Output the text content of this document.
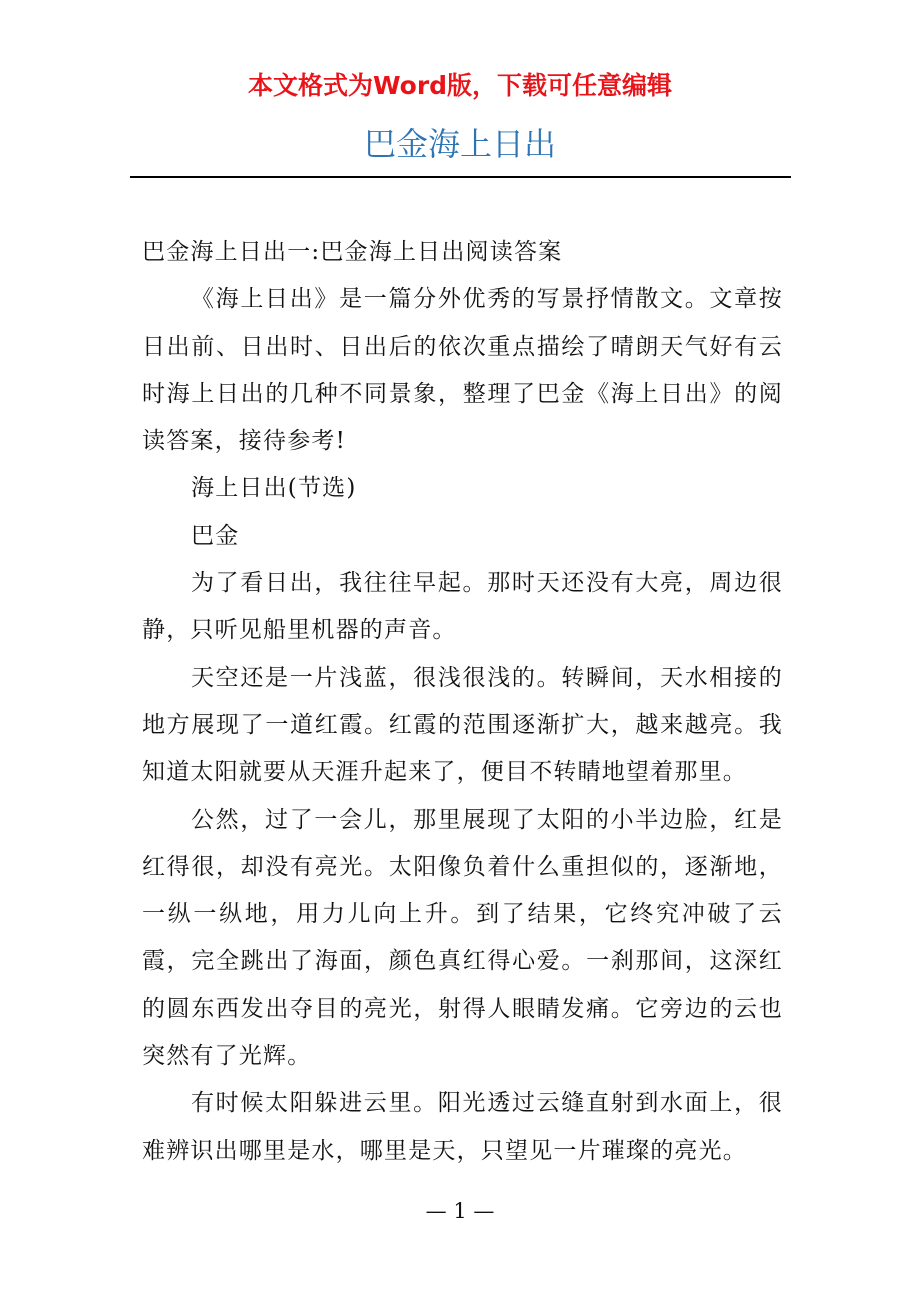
本文格式为Word版，下载可任意编辑
巴金海上日出

巴金海上日出一:巴金海上日出阅读答案

《海上日出》是一篇分外优秀的写景抒情散文。文章按日出前、日出时、日出后的依次重点描绘了晴朗天气好有云时海上日出的几种不同景象，整理了巴金《海上日出》的阅读答案，接待参考!

海上日出(节选)

巴金

为了看日出，我往往早起。那时天还没有大亮，周边很静，只听见船里机器的声音。

天空还是一片浅蓝，很浅很浅的。转瞬间，天水相接的地方展现了一道红霞。红霞的范围逐渐扩大，越来越亮。我知道太阳就要从天涯升起来了，便目不转睛地望着那里。

公然，过了一会儿，那里展现了太阳的小半边脸，红是红得很，却没有亮光。太阳像负着什么重担似的，逐渐地，一纵一纵地，用力儿向上升。到了结果，它终究冲破了云霞，完全跳出了海面，颜色真红得心爱。一刹那间，这深红的圆东西发出夺目的亮光，射得人眼睛发痛。它旁边的云也突然有了光辉。

有时候太阳躲进云里。阳光透过云缝直射到水面上，很难辨识出哪里是水，哪里是天，只望见一片璀璨的亮光。

— 1 —
